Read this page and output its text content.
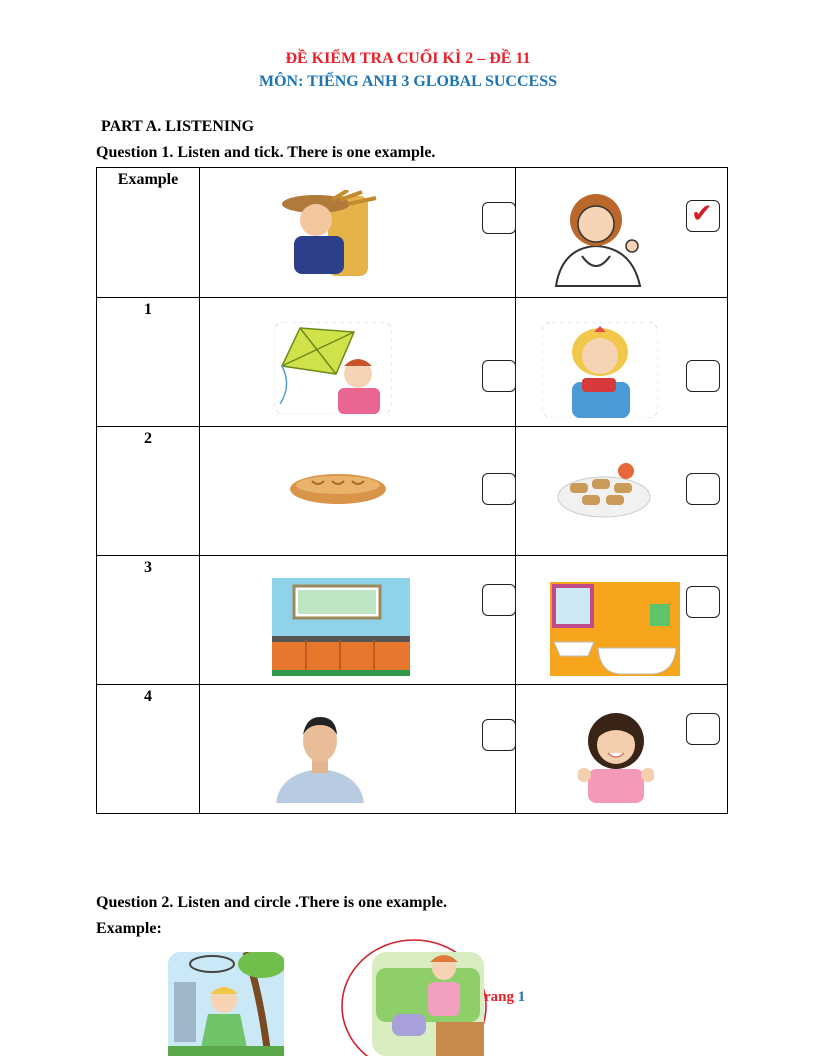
ĐỀ KIỂM TRA CUỐI KÌ 2 – ĐỀ 11
MÔN: TIẾNG ANH 3 GLOBAL SUCCESS
PART A. LISTENING
Question 1. Listen and tick. There is one example.
Example		✔

1

2

3

4

Question 2. Listen and circle .There is one example.
Example:
rang 1
